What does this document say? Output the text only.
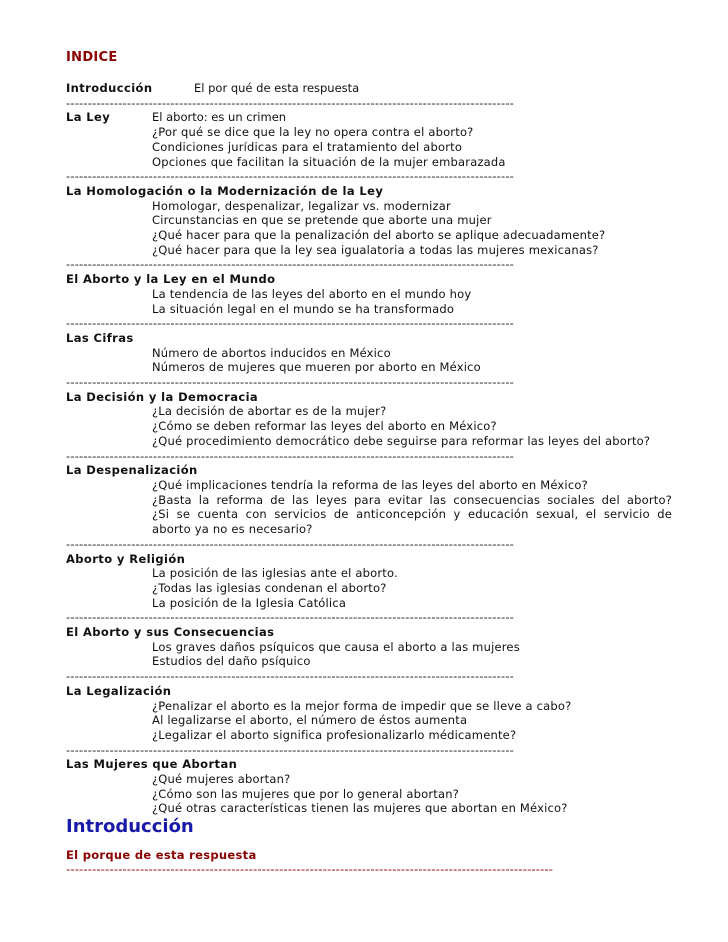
INDICE
Introducción	El por qué de esta respuesta
-------------------------------------------------------------------------------------------------------
La Ley	El aborto: es un crimen
¿Por qué se dice que la ley no opera contra el aborto?
Condiciones jurídicas para el tratamiento del aborto
Opciones que facilitan la situación de la mujer embarazada
-------------------------------------------------------------------------------------------------------
La Homologación o la Modernización de la Ley
Homologar, despenalizar, legalizar vs. modernizar
Circunstancias en que se pretende que aborte una mujer
¿Qué hacer para que la penalización del aborto se aplique adecuadamente?
¿Qué hacer para que la ley sea igualatoria a todas las mujeres mexicanas?
-------------------------------------------------------------------------------------------------------
El Aborto y la Ley en el Mundo
La tendencia de las leyes del aborto en el mundo hoy
La situación legal en el mundo se ha transformado
-------------------------------------------------------------------------------------------------------
Las Cifras
Número de abortos inducidos en México
Números de mujeres que mueren por aborto en México
-------------------------------------------------------------------------------------------------------
La Decisión y la Democracia
¿La decisión de abortar es de la mujer?
¿Cómo se deben reformar las leyes del aborto en México?
¿Qué procedimiento democrático debe seguirse para reformar las leyes del aborto?
-------------------------------------------------------------------------------------------------------
La Despenalización
¿Qué implicaciones tendría la reforma de las leyes del aborto en México?
¿Basta la reforma de las leyes para evitar las consecuencias sociales del aborto?
¿Si se cuenta con servicios de anticoncepción y educación sexual, el servicio de
aborto ya no es necesario?
-------------------------------------------------------------------------------------------------------
Aborto y Religión
La posición de las iglesias ante el aborto.
¿Todas las iglesias condenan el aborto?
La posición de la Iglesia Católica
-------------------------------------------------------------------------------------------------------
El Aborto y sus Consecuencias
Los graves daños psíquicos que causa el aborto a las mujeres
Estudios del daño psíquico
-------------------------------------------------------------------------------------------------------
La Legalización
¿Penalizar el aborto es la mejor forma de impedir que se lleve a cabo?
Al legalizarse el aborto, el número de éstos aumenta
¿Legalizar el aborto significa profesionalizarlo médicamente?
-------------------------------------------------------------------------------------------------------
Las Mujeres que Abortan
¿Qué mujeres abortan?
¿Cómo son las mujeres que por lo general abortan?
¿Qué otras características tienen las mujeres que abortan en México?
Introducción
El porque de esta respuesta
----------------------------------------------------------------------------------------------------------------
